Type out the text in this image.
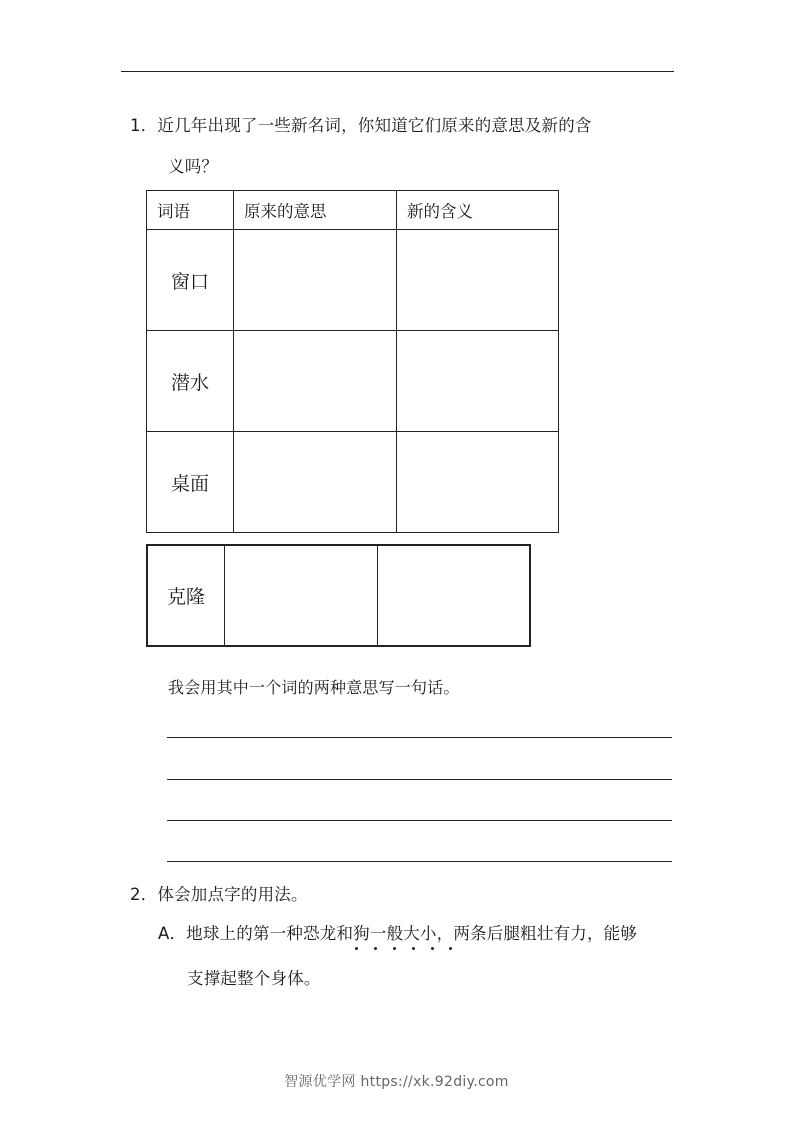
1．近几年出现了一些新名词，你知道它们原来的意思及新的含
义吗？
词语	原来的意思	新的含义
窗口		
潜水		
桌面		
克隆		
我会用其中一个词的两种意思写一句话。
2．体会加点字的用法。
A．地球上的第一种恐龙和狗一般大小，两条后腿粗壮有力，能够
支撑起整个身体。
智源优学网 https://xk.92diy.com
